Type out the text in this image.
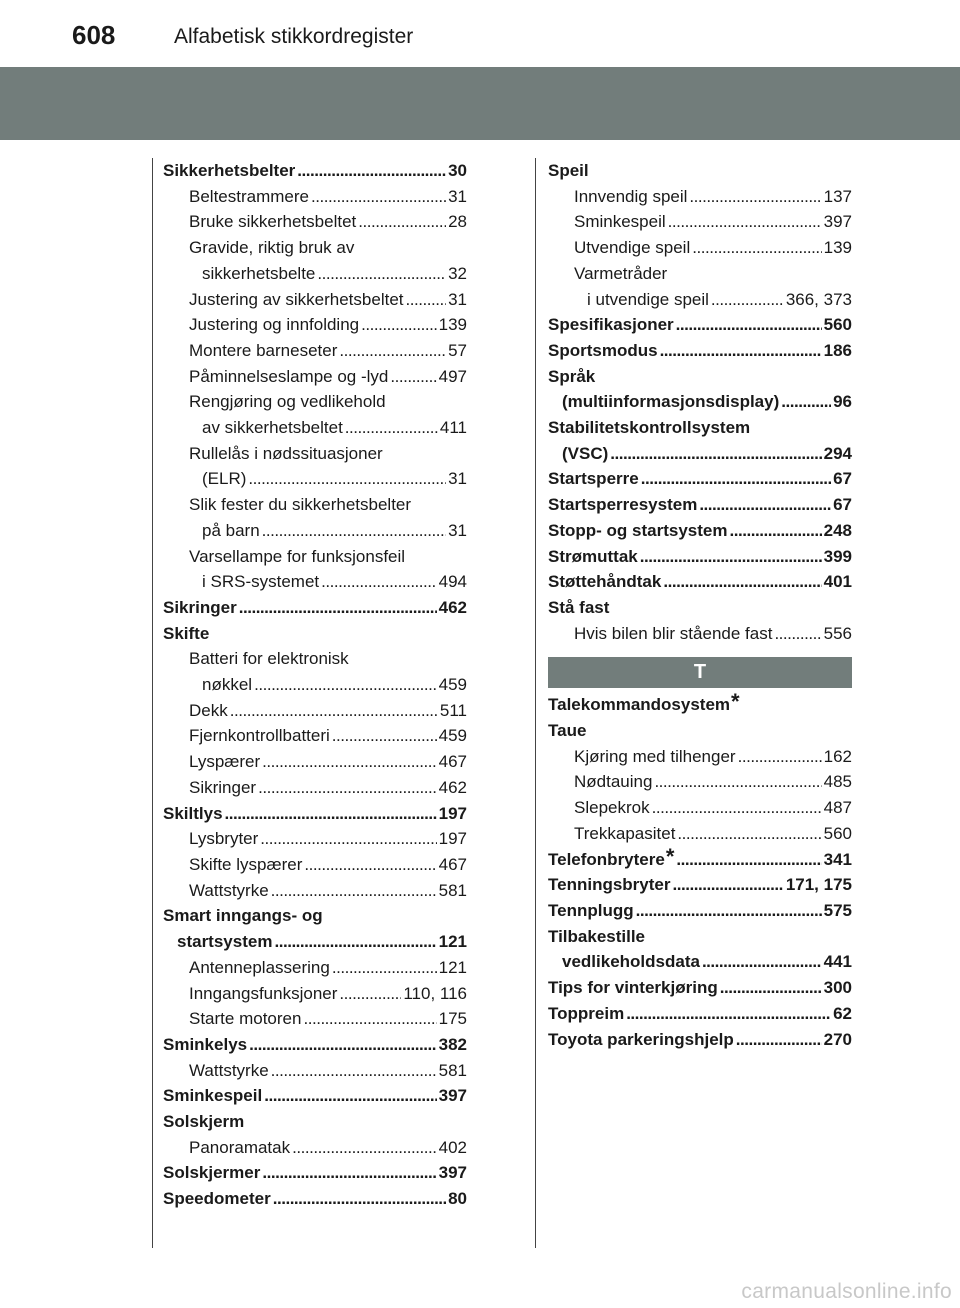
608	Alfabetisk stikkordregister
Sikkerhetsbelter . . .	30
Beltestrammere . . .	31
Bruke sikkerhetsbeltet . . .	28
Gravide, riktig bruk av
sikkerhetsbelte . . .	32
Justering av sikkerhetsbeltet . . .	31
Justering og innfolding . . .	139
Montere barneseter . . .	57
Påminnelseslampe og -lyd . . .	497
Rengjøring og vedlikehold
av sikkerhetsbeltet . . .	411
Rullelås i nødssituasjoner
(ELR) . . .	31
Slik fester du sikkerhetsbelter
på barn . . .	31
Varsellampe for funksjonsfeil
i SRS-systemet . . .	494
Sikringer . . .	462
Skifte
Batteri for elektronisk
nøkkel . . .	459
Dekk . . .	511
Fjernkontrollbatteri . . .	459
Lyspærer . . .	467
Sikringer . . .	462
Skiltlys . . .	197
Lysbryter . . .	197
Skifte lyspærer . . .	467
Wattstyrke . . .	581
Smart inngangs- og
startsystem . . .	121
Antenneplassering . . .	121
Inngangsfunksjoner . . .	110, 116
Starte motoren . . .	175
Sminkelys . . .	382
Wattstyrke . . .	581
Sminkespeil . . .	397
Solskjerm
Panoramatak . . .	402
Solskjermer . . .	397
Speedometer . . .	80
Speil
Innvendig speil . . .	137
Sminkespeil . . .	397
Utvendige speil . . .	139
Varmetråder
i utvendige speil . . .	366, 373
Spesifikasjoner . . .	560
Sportsmodus . . .	186
Språk
(multiinformasjonsdisplay) . . .	96
Stabilitetskontrollsystem
(VSC) . . .	294
Startsperre . . .	67
Startsperresystem . . .	67
Stopp- og startsystem . . .	248
Strømuttak . . .	399
Støttehåndtak . . .	401
Stå fast
Hvis bilen blir stående fast . . .	556
T
Talekommandosystem*
Taue
Kjøring med tilhenger . . .	162
Nødtauing . . .	485
Slepekrok . . .	487
Trekkapasitet . . .	560
Telefonbrytere * . . .	341
Tenningsbryter . . .	171, 175
Tennplugg . . .	575
Tilbakestille
vedlikeholdsdata . . .	441
Tips for vinterkjøring . . .	300
Toppreim . . .	62
Toyota parkeringshjelp . . .	270
carmanualsonline.info
